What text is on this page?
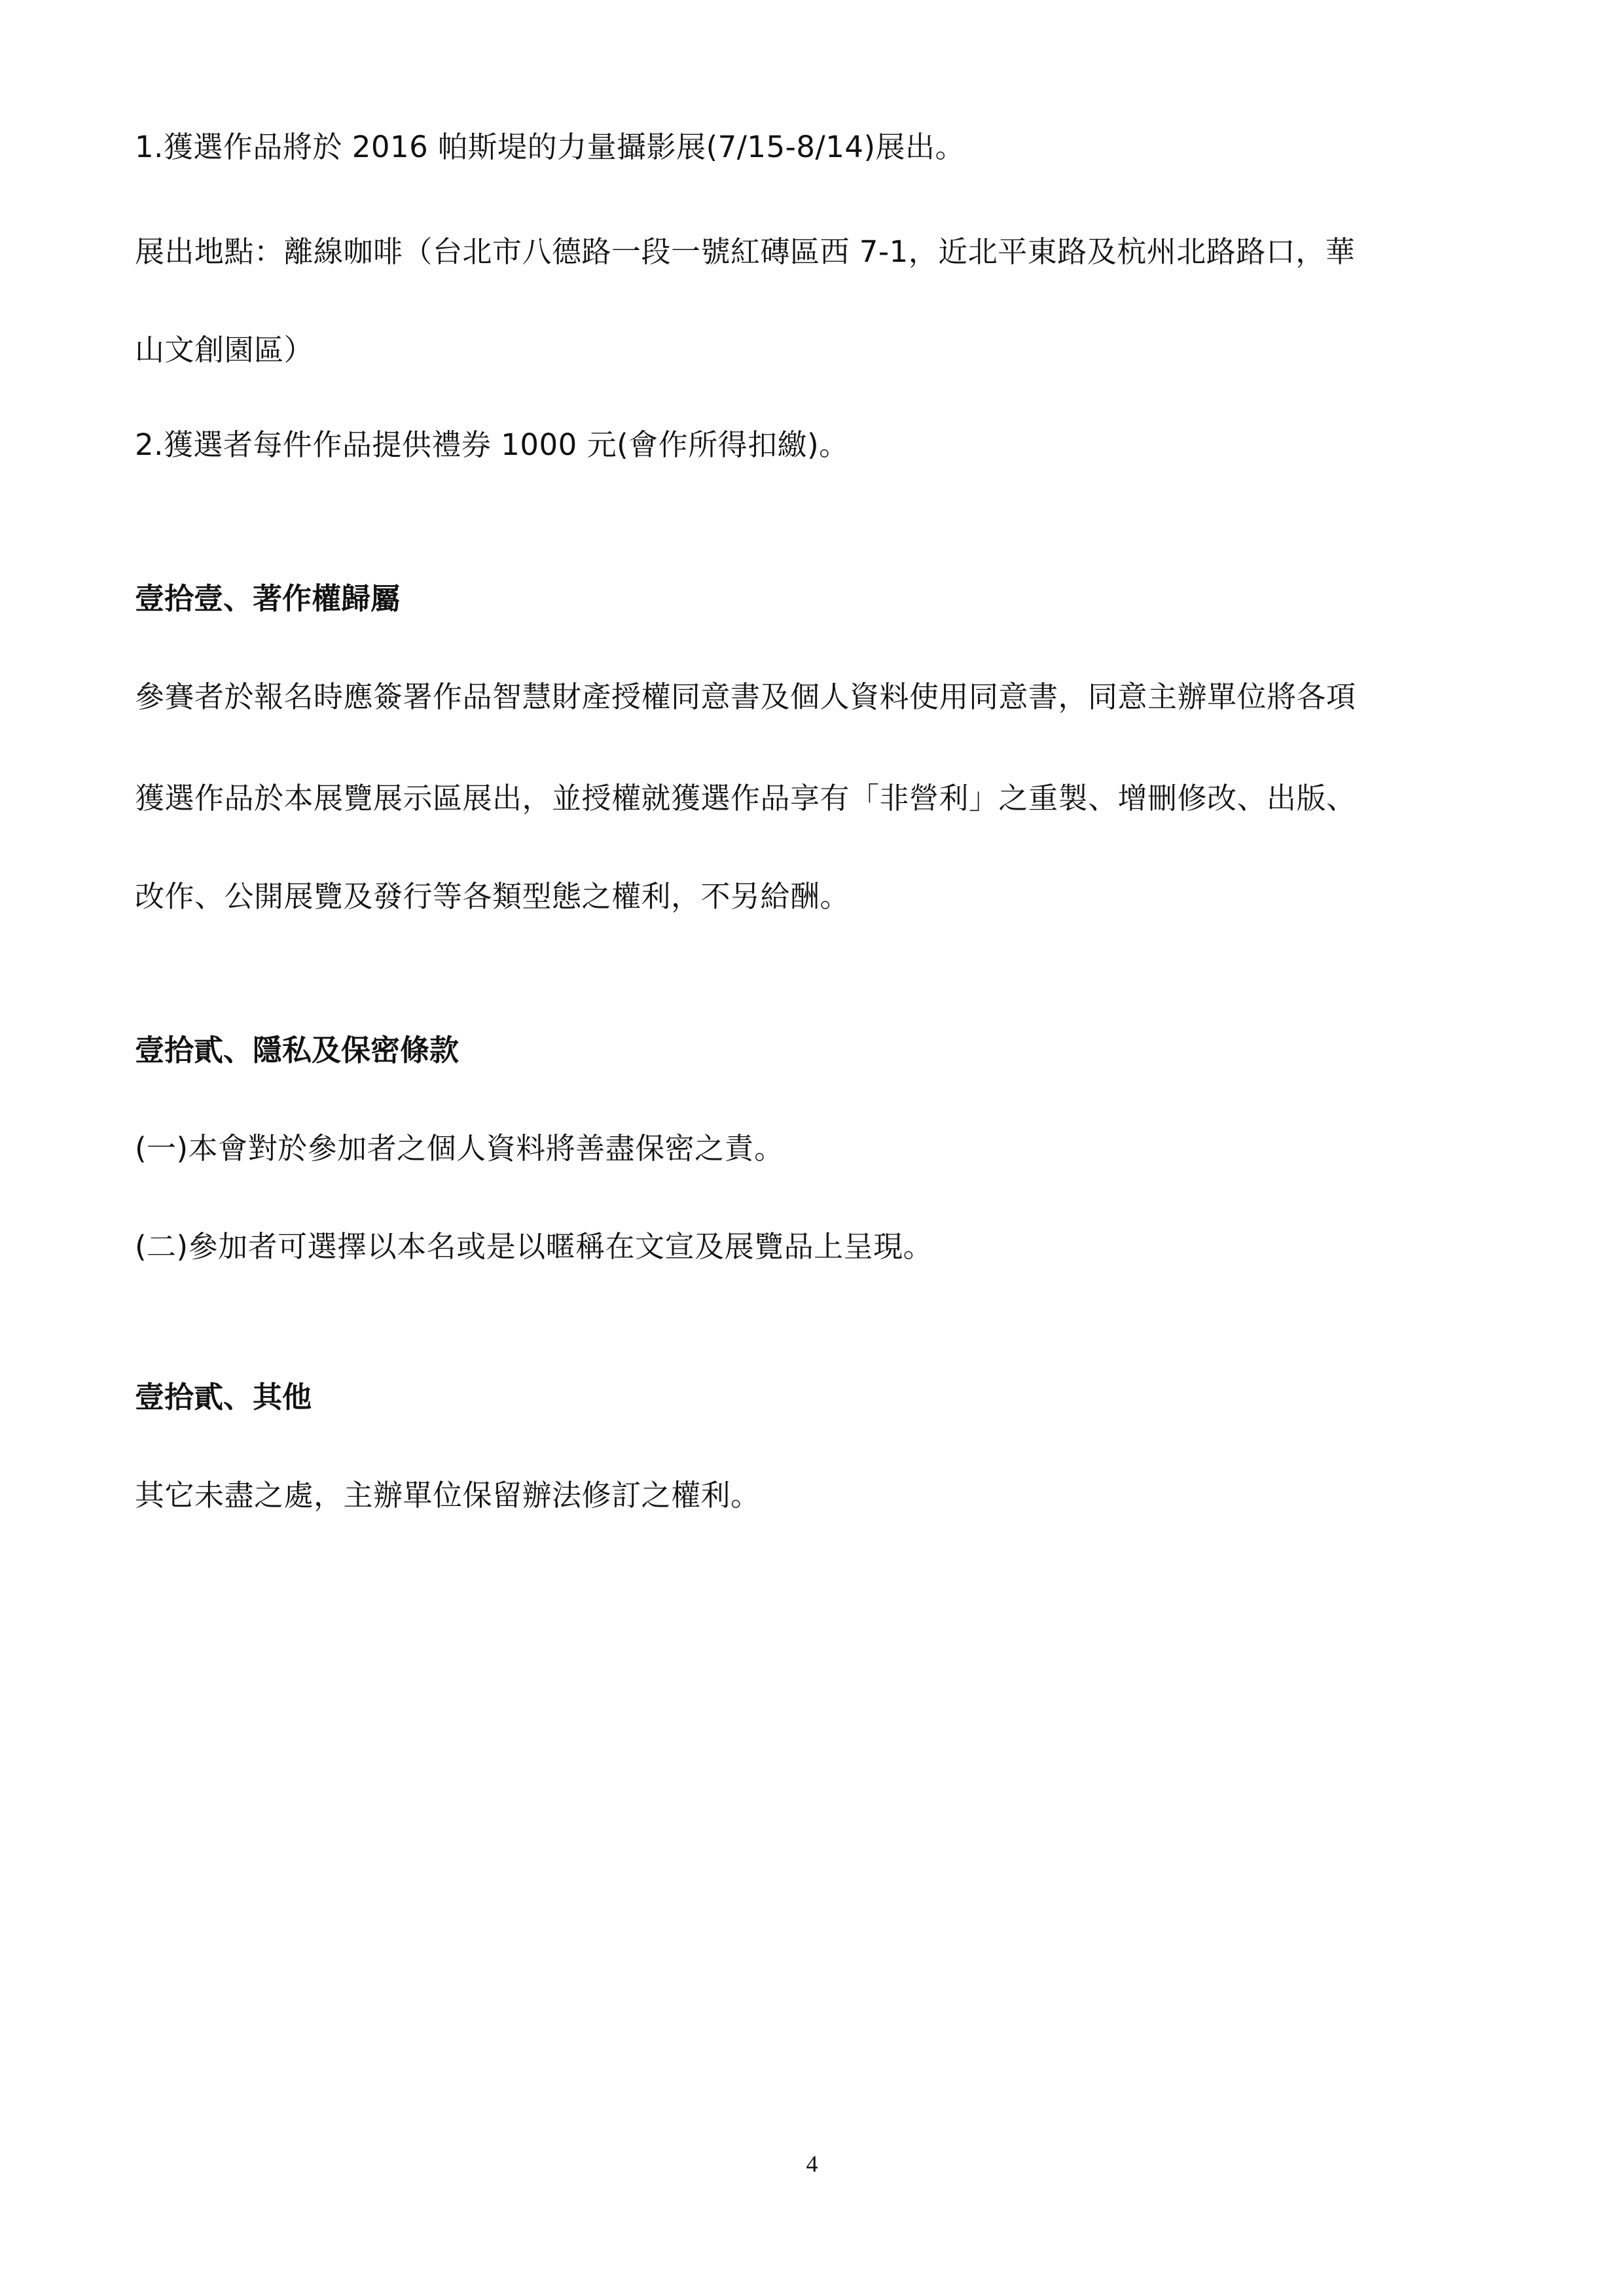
1.獲選作品將於 2016 帕斯堤的力量攝影展(7/15-8/14)展出。
展出地點：離線咖啡（台北市八德路一段一號紅磚區西 7-1，近北平東路及杭州北路路口，華
山文創園區）
2.獲選者每件作品提供禮券 1000 元(會作所得扣繳)。
壹拾壹、著作權歸屬
參賽者於報名時應簽署作品智慧財產授權同意書及個人資料使用同意書，同意主辦單位將各項
獲選作品於本展覽展示區展出，並授權就獲選作品享有「非營利」之重製、增刪修改、出版、
改作、公開展覽及發行等各類型態之權利，不另給酬。
壹拾貳、隱私及保密條款
(一)本會對於參加者之個人資料將善盡保密之責。
(二)參加者可選擇以本名或是以暱稱在文宣及展覽品上呈現。
壹拾貳、其他
其它未盡之處，主辦單位保留辦法修訂之權利。
4
